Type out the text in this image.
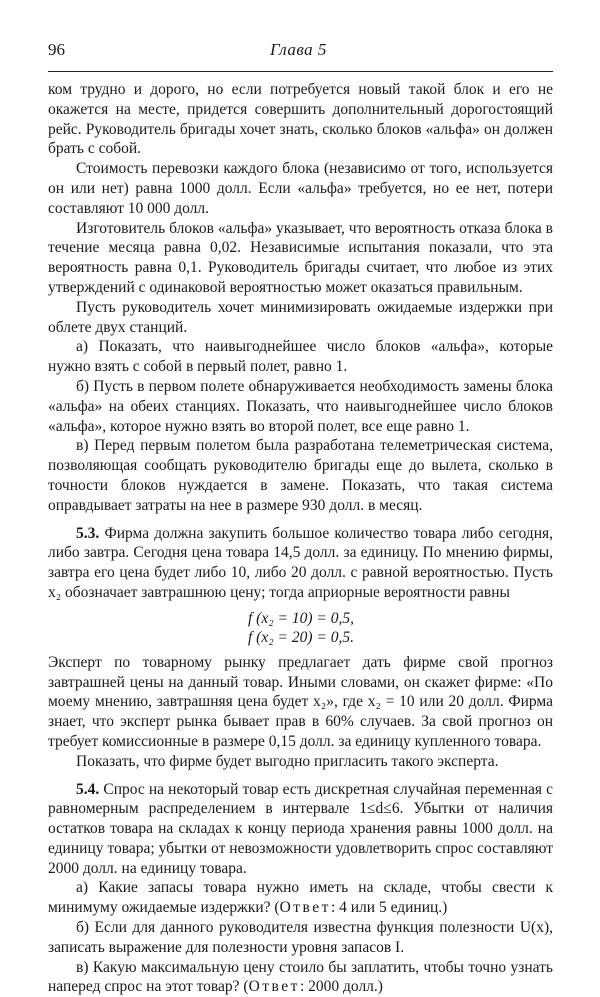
96	Глава 5

ком трудно и дорого, но если потребуется новый такой блок и его не окажется на месте, придется совершить дополнительный дорогостоящий рейс. Руководитель бригады хочет знать, сколько блоков «альфа» он должен брать с собой.

Стоимость перевозки каждого блока (независимо от того, используется он или нет) равна 1000 долл. Если «альфа» требуется, но ее нет, потери составляют 10 000 долл.

Изготовитель блоков «альфа» указывает, что вероятность отказа блока в течение месяца равна 0,02. Независимые испытания показали, что эта вероятность равна 0,1. Руководитель бригады считает, что любое из этих утверждений с одинаковой вероятностью может оказаться правильным.

Пусть руководитель хочет минимизировать ожидаемые издержки при облете двух станций.

а) Показать, что наивыгоднейшее число блоков «альфа», которые нужно взять с собой в первый полет, равно 1.

б) Пусть в первом полете обнаруживается необходимость замены блока «альфа» на обеих станциях. Показать, что наивыгоднейшее число блоков «альфа», которое нужно взять во второй полет, все еще равно 1.

в) Перед первым полетом была разработана телеметрическая система, позволяющая сообщать руководителю бригады еще до вылета, сколько в точности блоков нуждается в замене. Показать, что такая система оправдывает затраты на нее в размере 930 долл. в месяц.

5.3. Фирма должна закупить большое количество товара либо сегодня, либо завтра. Сегодня цена товара 14,5 долл. за единицу. По мнению фирмы, завтра его цена будет либо 10, либо 20 долл. с равной вероятностью. Пусть x₂ обозначает завтрашнюю цену; тогда априорные вероятности равны

f (x₂ = 10) = 0,5,
f (x₂ = 20) = 0,5.

Эксперт по товарному рынку предлагает дать фирме свой прогноз завтрашней цены на данный товар. Иными словами, он скажет фирме: «По моему мнению, завтрашняя цена будет x₂», где x₂ = 10 или 20 долл. Фирма знает, что эксперт рынка бывает прав в 60% случаев. За свой прогноз он требует комиссионные в размере 0,15 долл. за единицу купленного товара.

Показать, что фирме будет выгодно пригласить такого эксперта.

5.4. Спрос на некоторый товар есть дискретная случайная переменная с равномерным распределением в интервале 1≤d≤6. Убытки от наличия остатков товара на складах к концу периода хранения равны 1000 долл. на единицу товара; убытки от невозможности удовлетворить спрос составляют 2000 долл. на единицу товара.

а) Какие запасы товара нужно иметь на складе, чтобы свести к минимуму ожидаемые издержки? (Ответ: 4 или 5 единиц.)

б) Если для данного руководителя известна функция полезности U(x), записать выражение для полезности уровня запасов I.

в) Какую максимальную цену стоило бы заплатить, чтобы точно узнать наперед спрос на этот товар? (Ответ: 2000 долл.)
